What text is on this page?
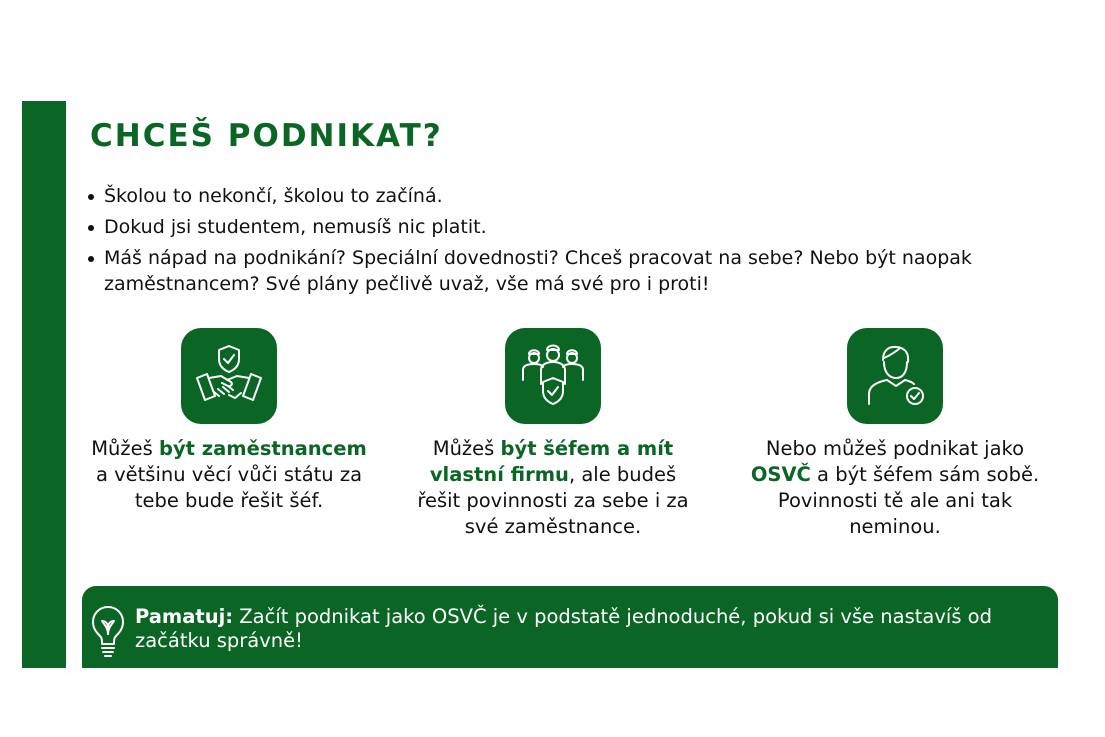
CHCEŠ PODNIKAT?
Školou to nekončí, školou to začíná.
Dokud jsi studentem, nemusíš nic platit.
Máš nápad na podnikání? Speciální dovednosti? Chceš pracovat na sebe? Nebo být naopak zaměstnancem? Své plány pečlivě uvaž, vše má své pro i proti!
Můžeš být zaměstnancem
a většinu věcí vůči státu za tebe bude řešit šéf.
Můžeš být šéfem a mít vlastní firmu, ale budeš řešit povinnosti za sebe i za své zaměstnance.
Nebo můžeš podnikat jako OSVČ a být šéfem sám sobě. Povinnosti tě ale ani tak neminou.
Pamatuj: Začít podnikat jako OSVČ je v podstatě jednoduché, pokud si vše nastavíš od začátku správně!
